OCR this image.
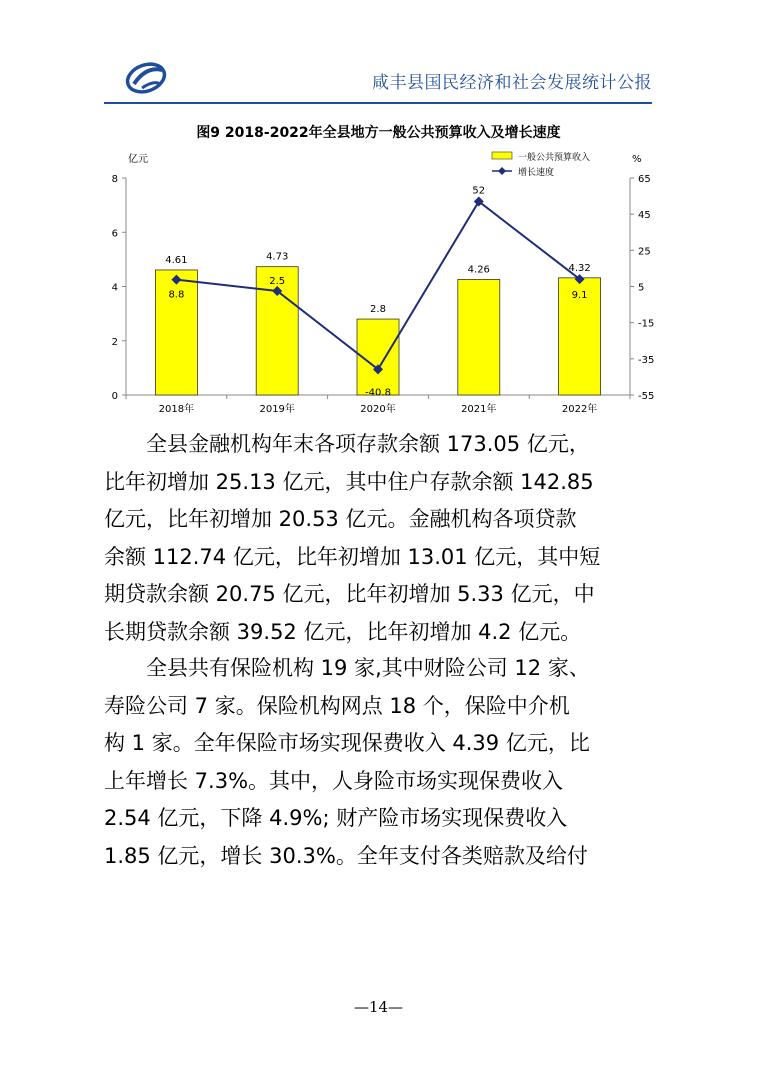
咸丰县国民经济和社会发展统计公报
图9 2018-2022年全县地方一般公共预算收入及增长速度
0
2
4
6
8
-55
-35
-15
5
25
45
65
亿元	%
2018年	2019年	2020年	2021年	2022年
4.61	4.73
2.8
4.26	4.32
8.8
2.5
-40.8
52
9.1
一般公共预算收入
增长速度
全县金融机构年末各项存款余额 173.05 亿元，
比年初增加 25.13 亿元，其中住户存款余额 142.85
亿元，比年初增加 20.53 亿元。金融机构各项贷款
余额 112.74 亿元，比年初增加 13.01 亿元，其中短
期贷款余额 20.75 亿元，比年初增加 5.33 亿元，中
长期贷款余额 39.52 亿元，比年初增加 4.2 亿元。
全县共有保险机构 19 家,其中财险公司 12 家、
寿险公司 7 家。保险机构网点 18 个，保险中介机
构 1 家。全年保险市场实现保费收入 4.39 亿元，比
上年增长 7.3%。其中，人身险市场实现保费收入
2.54 亿元，下降 4.9%; 财产险市场实现保费收入
1.85 亿元，增长 30.3%。全年支付各类赔款及给付
—14—
